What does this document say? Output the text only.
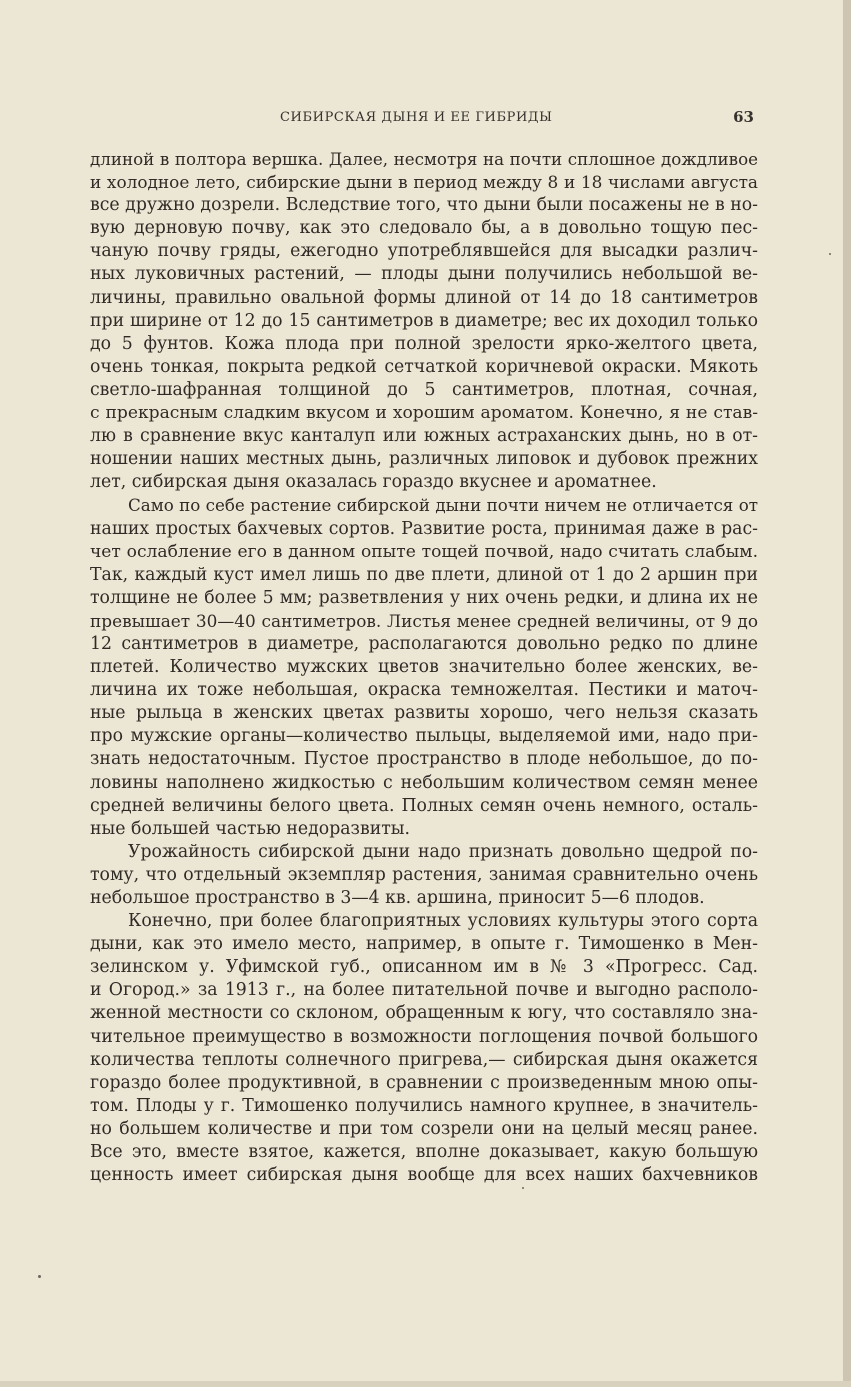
СИБИРСКАЯ ДЫНЯ И ЕЕ ГИБРИДЫ	63
длиной в полтора вершка. Далее, несмотря на почти сплошное дождливое
и холодное лето, сибирские дыни в период между 8 и 18 числами августа
все дружно дозрели. Вследствие того, что дыни были посажены не в но-
вую дерновую почву, как это следовало бы, а в довольно тощую пес-
чаную почву гряды, ежегодно употреблявшейся для высадки различ-
ных луковичных растений, — плоды дыни получились небольшой ве-
личины, правильно овальной формы длиной от 14 до 18 сантиметров
при ширине от 12 до 15 сантиметров в диаметре; вес их доходил только
до 5 фунтов. Кожа плода при полной зрелости ярко-желтого цвета,
очень тонкая, покрыта редкой сетчаткой коричневой окраски. Мякоть
светло-шафранная толщиной до 5 сантиметров, плотная, сочная,
с прекрасным сладким вкусом и хорошим ароматом. Конечно, я не став-
лю в сравнение вкус канталуп или южных астраханских дынь, но в от-
ношении наших местных дынь, различных липовок и дубовок прежних
лет, сибирская дыня оказалась гораздо вкуснее и ароматнее.
Само по себе растение сибирской дыни почти ничем не отличается от
наших простых бахчевых сортов. Развитие роста, принимая даже в рас-
чет ослабление его в данном опыте тощей почвой, надо считать слабым.
Так, каждый куст имел лишь по две плети, длиной от 1 до 2 аршин при
толщине не более 5 мм; разветвления у них очень редки, и длина их не
превышает 30—40 сантиметров. Листья менее средней величины, от 9 до
12 сантиметров в диаметре, располагаются довольно редко по длине
плетей. Количество мужских цветов значительно более женских, ве-
личина их тоже небольшая, окраска темножелтая. Пестики и маточ-
ные рыльца в женских цветах развиты хорошо, чего нельзя сказать
про мужские органы—количество пыльцы, выделяемой ими, надо при-
знать недостаточным. Пустое пространство в плоде небольшое, до по-
ловины наполнено жидкостью с небольшим количеством семян менее
средней величины белого цвета. Полных семян очень немного, осталь-
ные большей частью недоразвиты.
Урожайность сибирской дыни надо признать довольно щедрой по-
тому, что отдельный экземпляр растения, занимая сравнительно очень
небольшое пространство в 3—4 кв. аршина, приносит 5—6 плодов.
Конечно, при более благоприятных условиях культуры этого сорта
дыни, как это имело место, например, в опыте г. Тимошенко в Мен-
зелинском у. Уфимской губ., описанном им в № 3 «Прогресс. Сад.
и Огород.» за 1913 г., на более питательной почве и выгодно располо-
женной местности со склоном, обращенным к югу, что составляло зна-
чительное преимущество в возможности поглощения почвой большого
количества теплоты солнечного пригрева,— сибирская дыня окажется
гораздо более продуктивной, в сравнении с произведенным мною опы-
том. Плоды у г. Тимошенко получились намного крупнее, в значитель-
но большем количестве и при том созрели они на целый месяц ранее.
Все это, вместе взятое, кажется, вполне доказывает, какую большую
ценность имеет сибирская дыня вообще для всех наших бахчевников
